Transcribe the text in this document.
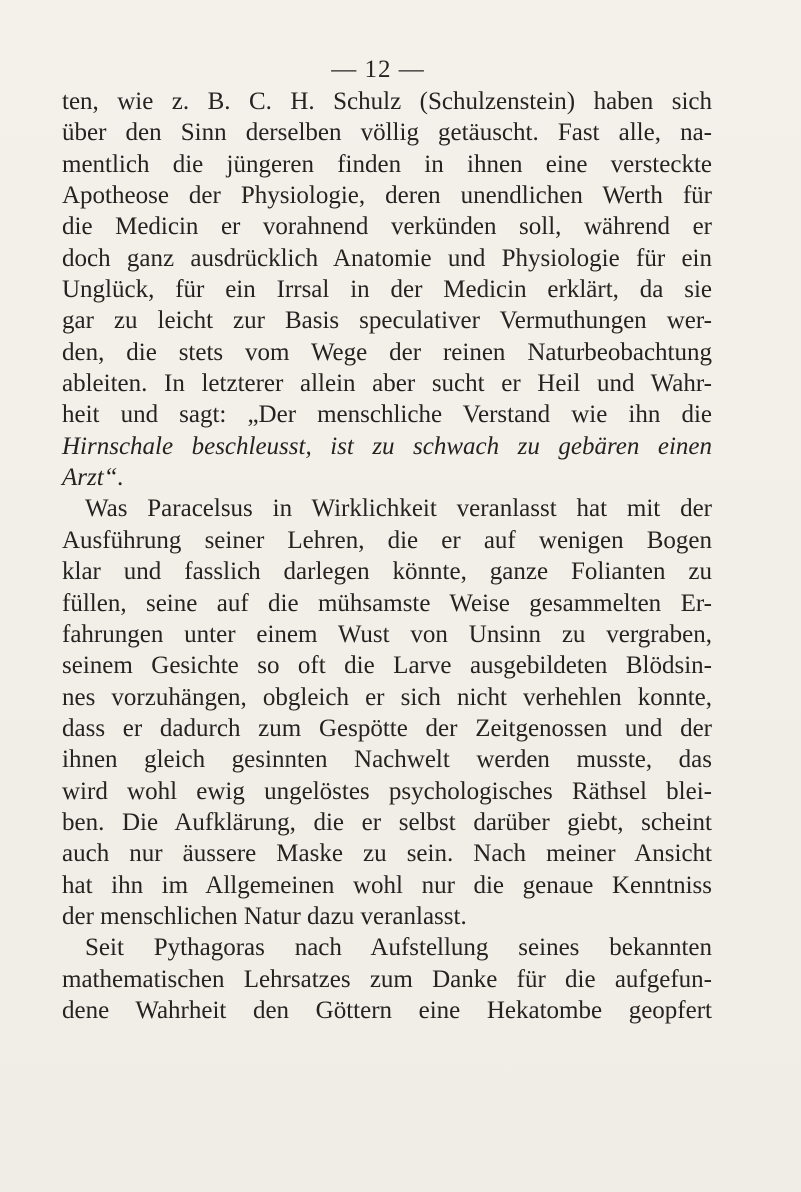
— 12 —
ten, wie z. B. C. H. Schulz (Schulzenstein) haben sich
über den Sinn derselben völlig getäuscht. Fast alle, na-
mentlich die jüngeren finden in ihnen eine versteckte
Apotheose der Physiologie, deren unendlichen Werth für
die Medicin er vorahnend verkünden soll, während er
doch ganz ausdrücklich Anatomie und Physiologie für ein
Unglück, für ein Irrsal in der Medicin erklärt, da sie
gar zu leicht zur Basis speculativer Vermuthungen wer-
den, die stets vom Wege der reinen Naturbeobachtung
ableiten. In letzterer allein aber sucht er Heil und Wahr-
heit und sagt: „Der menschliche Verstand wie ihn die
Hirnschale beschleusst, ist zu schwach zu gebären einen
Arzt“.
Was Paracelsus in Wirklichkeit veranlasst hat mit der
Ausführung seiner Lehren, die er auf wenigen Bogen
klar und fasslich darlegen könnte, ganze Folianten zu
füllen, seine auf die mühsamste Weise gesammelten Er-
fahrungen unter einem Wust von Unsinn zu vergraben,
seinem Gesichte so oft die Larve ausgebildeten Blödsin-
nes vorzuhängen, obgleich er sich nicht verhehlen konnte,
dass er dadurch zum Gespötte der Zeitgenossen und der
ihnen gleich gesinnten Nachwelt werden musste, das
wird wohl ewig ungelöstes psychologisches Räthsel blei-
ben. Die Aufklärung, die er selbst darüber giebt, scheint
auch nur äussere Maske zu sein. Nach meiner Ansicht
hat ihn im Allgemeinen wohl nur die genaue Kenntniss
der menschlichen Natur dazu veranlasst.
Seit Pythagoras nach Aufstellung seines bekannten
mathematischen Lehrsatzes zum Danke für die aufgefun-
dene Wahrheit den Göttern eine Hekatombe geopfert
